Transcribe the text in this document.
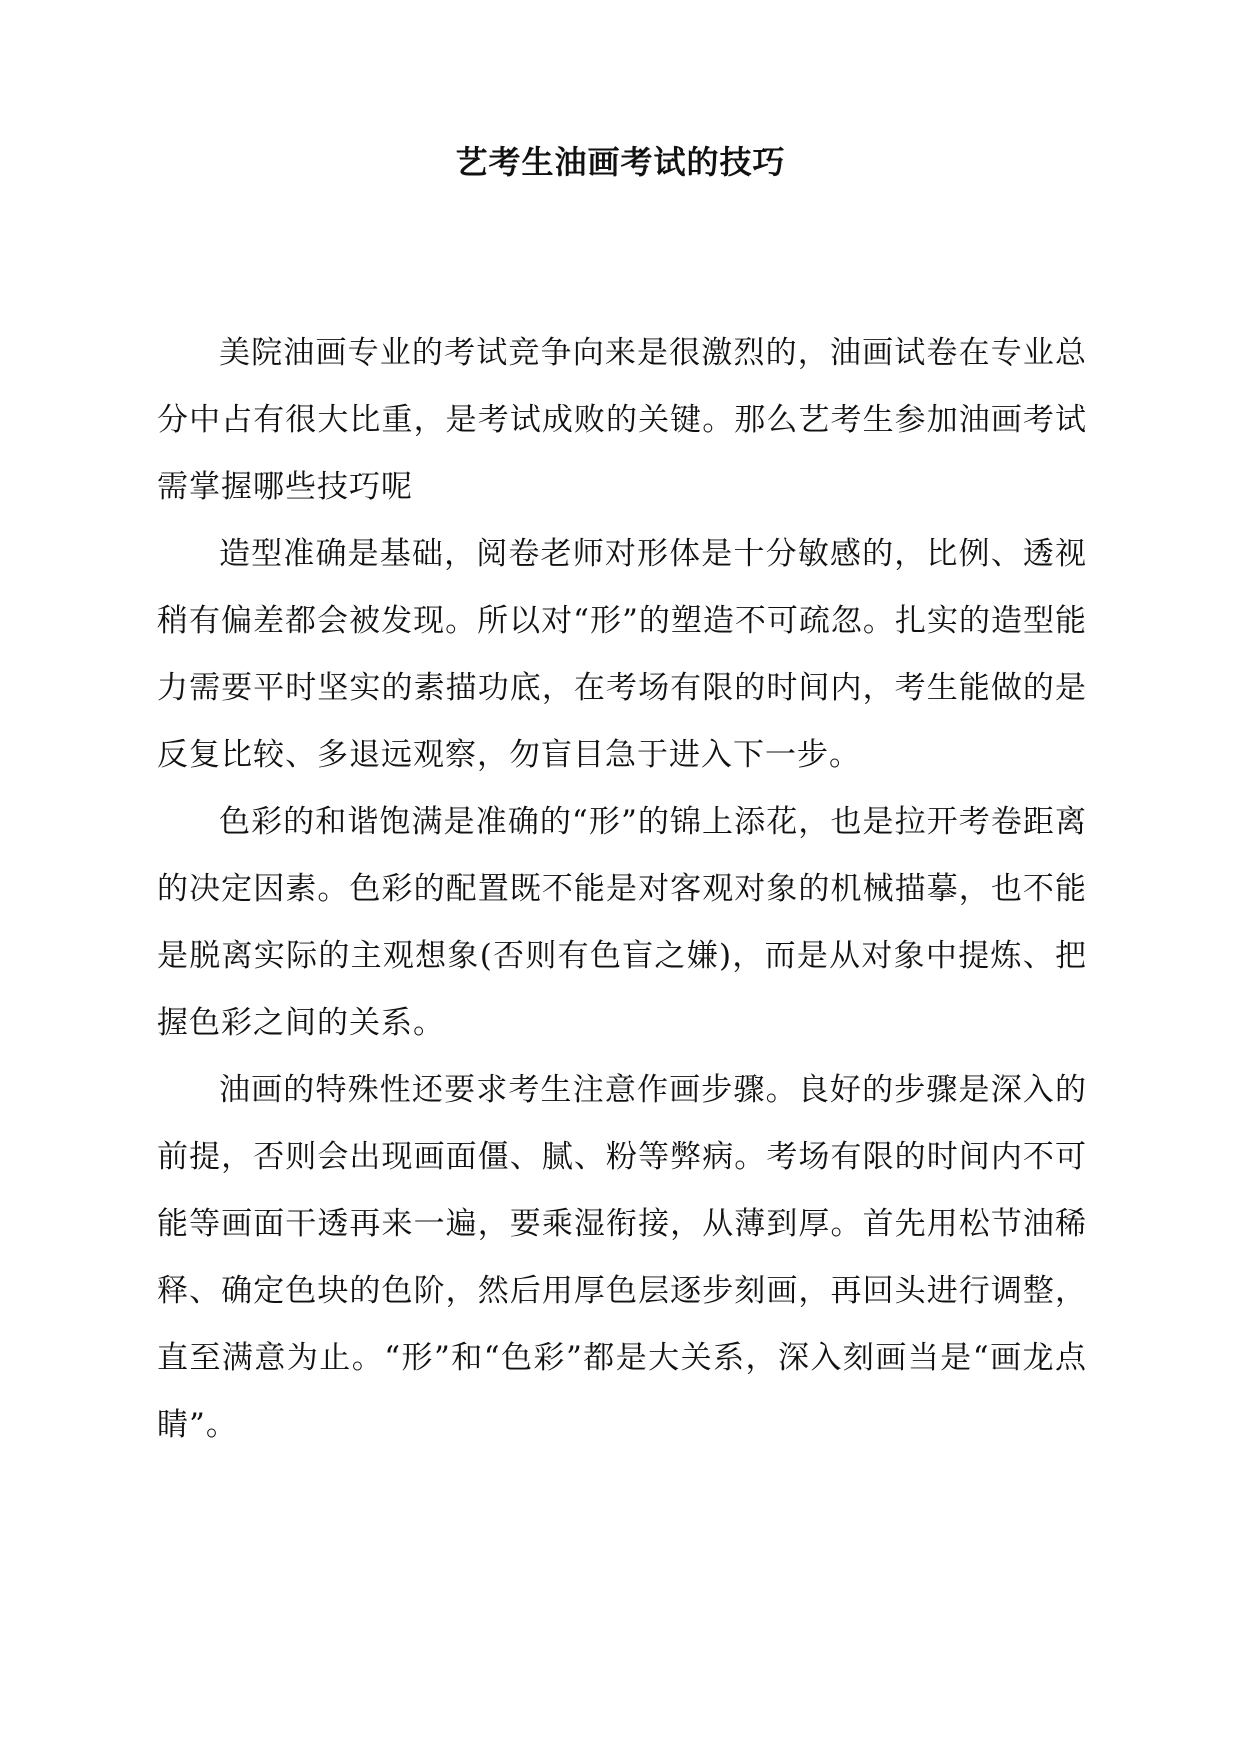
艺考生油画考试的技巧

美院油画专业的考试竞争向来是很激烈的，油画试卷在专业总分中占有很大比重，是考试成败的关键。那么艺考生参加油画考试需掌握哪些技巧呢

造型准确是基础，阅卷老师对形体是十分敏感的，比例、透视稍有偏差都会被发现。所以对“形”的塑造不可疏忽。扎实的造型能力需要平时坚实的素描功底，在考场有限的时间内，考生能做的是反复比较、多退远观察，勿盲目急于进入下一步。

色彩的和谐饱满是准确的“形”的锦上添花，也是拉开考卷距离的决定因素。色彩的配置既不能是对客观对象的机械描摹，也不能是脱离实际的主观想象(否则有色盲之嫌)，而是从对象中提炼、把握色彩之间的关系。

油画的特殊性还要求考生注意作画步骤。良好的步骤是深入的前提，否则会出现画面僵、腻、粉等弊病。考场有限的时间内不可能等画面干透再来一遍，要乘湿衔接，从薄到厚。首先用松节油稀释、确定色块的色阶，然后用厚色层逐步刻画，再回头进行调整，直至满意为止。“形”和“色彩”都是大关系，深入刻画当是“画龙点睛”。
